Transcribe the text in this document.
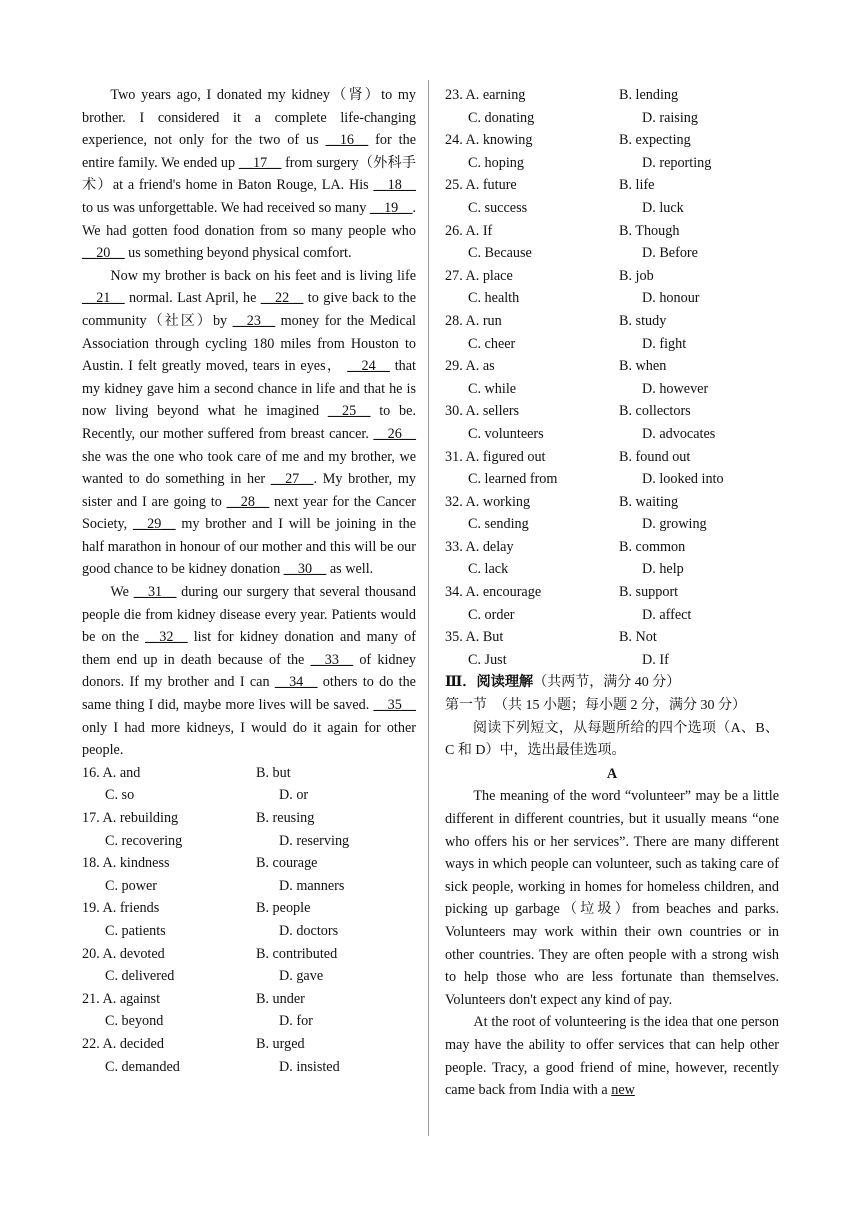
Two years ago, I donated my kidney（肾）to my brother. I considered it a complete life-changing experience, not only for the two of us __16__ for the entire family. We ended up __17__ from surgery（外科手术）at a friend's home in Baton Rouge, LA. His __18__ to us was unforgettable. We had received so many __19__. We had gotten food donation from so many people who __20__ us something beyond physical comfort.

Now my brother is back on his feet and is living life __21__ normal. Last April, he __22__ to give back to the community（社区）by __23__ money for the Medical Association through cycling 180 miles from Houston to Austin. I felt greatly moved, tears in eyes， __24__ that my kidney gave him a second chance in life and that he is now living beyond what he imagined __25__ to be. Recently, our mother suffered from breast cancer. __26__ she was the one who took care of me and my brother, we wanted to do something in her __27__. My brother, my sister and I are going to __28__ next year for the Cancer Society, __29__ my brother and I will be joining in the half marathon in honour of our mother and this will be our good chance to be kidney donation __30__ as well.

We __31__ during our surgery that several thousand people die from kidney disease every year. Patients would be on the __32__ list for kidney donation and many of them end up in death because of the __33__ of kidney donors. If my brother and I can __34__ others to do the same thing I did, maybe more lives will be saved. __35__ only I had more kidneys, I would do it again for other people.

16. A. and	B. but
C. so	D. or
17. A. rebuilding	B. reusing
C. recovering	D. reserving
18. A. kindness	B. courage
C. power	D. manners
19. A. friends	B. people
C. patients	D. doctors
20. A. devoted	B. contributed
C. delivered	D. gave
21. A. against	B. under
C. beyond	D. for
22. A. decided	B. urged
C. demanded	D. insisted
23. A. earning	B. lending
C. donating	D. raising
24. A. knowing	B. expecting
C. hoping	D. reporting
25. A. future	B. life
C. success	D. luck
26. A. If	B. Though
C. Because	D. Before
27. A. place	B. job
C. health	D. honour
28. A. run	B. study
C. cheer	D. fight
29. A. as	B. when
C. while	D. however
30. A. sellers	B. collectors
C. volunteers	D. advocates
31. A. figured out	B. found out
C. learned from	D. looked into
32. A. working	B. waiting
C. sending	D. growing
33. A. delay	B. common
C. lack	D. help
34. A. encourage	B. support
C. order	D. affect
35. A. But	B. Not
C. Just	D. If
Ⅲ．阅读理解（共两节，满分 40 分）
第一节　（共 15 小题；每小题 2 分，满分 30 分）

阅读下列短文，从每题所给的四个选项（A、B、C 和 D）中，选出最佳选项。

A

The meaning of the word “volunteer” may be a little different in different countries, but it usually means “one who offers his or her services”. There are many different ways in which people can volunteer, such as taking care of sick people, working in homes for homeless children, and picking up garbage（垃圾）from beaches and parks. Volunteers may work within their own countries or in other countries. They are often people with a strong wish to help those who are less fortunate than themselves. Volunteers don't expect any kind of pay.

At the root of volunteering is the idea that one person may have the ability to offer services that can help other people. Tracy, a good friend of mine, however, recently came back from India with a new
